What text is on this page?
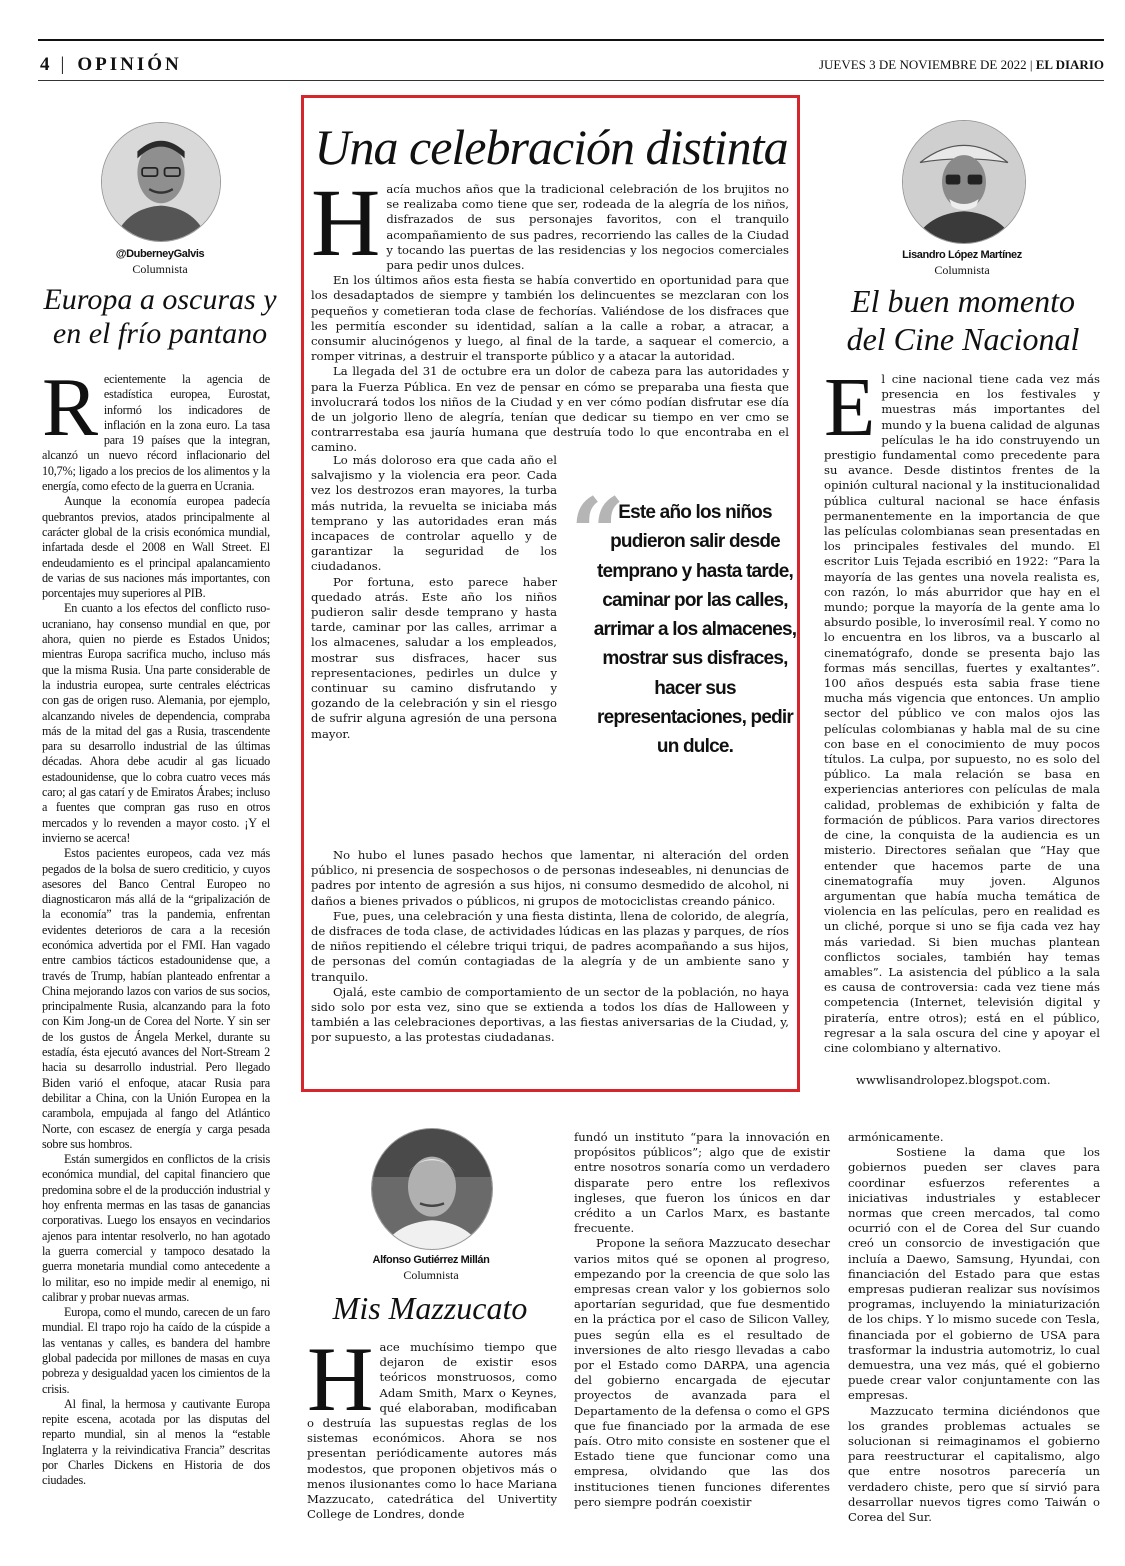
4 | OPINIÓN	JUEVES 3 DE NOVIEMBRE DE 2022 | EL DIARIO
@DuberneyGalvis
Columnista
Europa a oscuras y en el frío pantano
R ecientemente la agencia de estadística europea, Eurostat, informó los indicadores de inflación en la zona euro. La tasa para 19 países que la integran, alcanzó un nuevo récord inflacionario del 10,7%; ligado a los precios de los alimentos y la energía, como efecto de la guerra en Ucrania.

Aunque la economía europea padecía quebrantos previos, atados principalmente al carácter global de la crisis económica mundial, infartada desde el 2008 en Wall Street. El endeudamiento es el principal apalancamiento de varias de sus naciones más importantes, con porcentajes muy superiores al PIB.

En cuanto a los efectos del conflicto ruso-ucraniano, hay consenso mundial en que, por ahora, quien no pierde es Estados Unidos; mientras Europa sacrifica mucho, incluso más que la misma Rusia. Una parte considerable de la industria europea, surte centrales eléctricas con gas de origen ruso. Alemania, por ejemplo, alcanzando niveles de dependencia, compraba más de la mitad del gas a Rusia, trascendente para su desarrollo industrial de las últimas décadas. Ahora debe acudir al gas licuado estadounidense, que lo cobra cuatro veces más caro; al gas catarí y de Emiratos Árabes; incluso a fuentes que compran gas ruso en otros mercados y lo revenden a mayor costo. ¡Y el invierno se acerca!

Estos pacientes europeos, cada vez más pegados de la bolsa de suero crediticio, y cuyos asesores del Banco Central Europeo no diagnosticaron más allá de la “gripalización de la economía” tras la pandemia, enfrentan evidentes deterioros de cara a la recesión económica advertida por el FMI. Han vagado entre cambios tácticos estadounidense que, a través de Trump, habían planteado enfrentar a China mejorando lazos con varios de sus socios, principalmente Rusia, alcanzando para la foto con Kim Jong-un de Corea del Norte. Y sin ser de los gustos de Ángela Merkel, durante su estadía, ésta ejecutó avances del Nort-Stream 2 hacia su desarrollo industrial. Pero llegado Biden varió el enfoque, atacar Rusia para debilitar a China, con la Unión Europea en la carambola, empujada al fango del Atlántico Norte, con escasez de energía y carga pesada sobre sus hombros.

Están sumergidos en conflictos de la crisis económica mundial, del capital financiero que predomina sobre el de la producción industrial y hoy enfrenta mermas en las tasas de ganancias corporativas. Luego los ensayos en vecindarios ajenos para intentar resolverlo, no han agotado la guerra comercial y tampoco desatado la guerra monetaria mundial como antecedente a lo militar, eso no impide medir al enemigo, ni calibrar y probar nuevas armas.

Europa, como el mundo, carecen de un faro mundial. El trapo rojo ha caído de la cúspide a las ventanas y calles, es bandera del hambre global padecida por millones de masas en cuya pobreza y desigualdad yacen los cimientos de la crisis.

Al final, la hermosa y cautivante Europa repite escena, acotada por las disputas del reparto mundial, sin al menos la “estable Inglaterra y la reivindicativa Francia” descritas por Charles Dickens en Historia de dos ciudades.

Una celebración distinta
H acía muchos años que la tradicional celebración de los brujitos no se realizaba como tiene que ser, rodeada de la alegría de los niños, disfrazados de sus personajes favoritos, con el tranquilo acompañamiento de sus padres, recorriendo las calles de la Ciudad y tocando las puertas de las residencias y los negocios comerciales para pedir unos dulces.

En los últimos años esta fiesta se había convertido en oportunidad para que los desadaptados de siempre y también los delincuentes se mezclaran con los pequeños y cometieran toda clase de fechorías. Valiéndose de los disfraces que les permitía esconder su identidad, salían a la calle a robar, a atracar, a consumir alucinógenos y luego, al final de la tarde, a saquear el comercio, a romper vitrinas, a destruir el transporte público y a atacar la autoridad.

La llegada del 31 de octubre era un dolor de cabeza para las autoridades y para la Fuerza Pública. En vez de pensar en cómo se preparaba una fiesta que involucrará todos los niños de la Ciudad y en ver cómo podían disfrutar ese día de un jolgorio lleno de alegría, tenían que dedicar su tiempo en ver cmo se contrarrestaba esa jauría humana que destruía todo lo que encontraba en el camino.

Lo más doloroso era que cada año el salvajismo y la violencia era peor. Cada vez los destrozos eran mayores, la turba más nutrida, la revuelta se iniciaba más temprano y las autoridades eran más incapaces de controlar aquello y de garantizar la seguridad de los ciudadanos.

Por fortuna, esto parece haber quedado atrás. Este año los niños pudieron salir desde temprano y hasta tarde, caminar por las calles, arrimar a los almacenes, saludar a los empleados, mostrar sus disfraces, hacer sus representaciones, pedirles un dulce y continuar su camino disfrutando y gozando de la celebración y sin el riesgo de sufrir alguna agresión de una persona mayor.

No hubo el lunes pasado hechos que lamentar, ni alteración del orden público, ni presencia de sospechosos o de personas indeseables, ni denuncias de padres por intento de agresión a sus hijos, ni consumo desmedido de alcohol, ni daños a bienes privados o públicos, ni grupos de motociclistas creando pánico.

Fue, pues, una celebración y una fiesta distinta, llena de colorido, de alegría, de disfraces de toda clase, de actividades lúdicas en las plazas y parques, de ríos de niños repitiendo el célebre triqui triqui, de padres acompañando a sus hijos, de personas del común contagiadas de la alegría y de un ambiente sano y tranquilo.

Ojalá, este cambio de comportamiento de un sector de la población, no haya sido solo por esta vez, sino que se extienda a todos los días de Halloween y también a las celebraciones deportivas, a las fiestas aniversarias de la Ciudad, y, por supuesto, a las protestas ciudadanas.

“
Este año los niños pudieron salir desde temprano y hasta tarde, caminar por las calles, arrimar a los almacenes, mostrar sus disfraces, hacer sus representaciones, pedir un dulce.
Lisandro López Martínez
Columnista
El buen momento del Cine Nacional
E l cine nacional tiene cada vez más presencia en los festivales y muestras más importantes del mundo y la buena calidad de algunas películas le ha ido construyendo un prestigio fundamental como precedente para su avance. Desde distintos frentes de la opinión cultural nacional y la institucionalidad pública cultural nacional se hace énfasis permanentemente en la importancia de que las películas colombianas sean presentadas en los principales festivales del mundo. El escritor Luis Tejada escribió en 1922: “Para la mayoría de las gentes una novela realista es, con razón, lo más aburridor que hay en el mundo; porque la mayoría de la gente ama lo absurdo posible, lo inverosímil real. Y como no lo encuentra en los libros, va a buscarlo al cinematógrafo, donde se presenta bajo las formas más sencillas, fuertes y exaltantes”. 100 años después esta sabia frase tiene mucha más vigencia que entonces. Un amplio sector del público ve con malos ojos las películas colombianas y habla mal de su cine con base en el conocimiento de muy pocos títulos. La culpa, por supuesto, no es solo del público. La mala relación se basa en experiencias anteriores con películas de mala calidad, problemas de exhibición y falta de formación de públicos. Para varios directores de cine, la conquista de la audiencia es un misterio. Directores señalan que “Hay que entender que hacemos parte de una cinematografía muy joven. Algunos argumentan que había mucha temática de violencia en las películas, pero en realidad es un cliché, porque si uno se fija cada vez hay más variedad. Si bien muchas plantean conflictos sociales, también hay temas amables”. La asistencia del público a la sala es causa de controversia: cada vez tiene más competencia (Internet, televisión digital y piratería, entre otros); está en el público, regresar a la sala oscura del cine y apoyar el cine colombiano y alternativo.

wwwlisandrolopez.blogspot.com.
Alfonso Gutiérrez Millán
Columnista
Mis Mazzucato
H ace muchísimo tiempo que dejaron de existir esos teóricos monstruosos, como Adam Smith, Marx o Keynes, qué elaboraban, modificaban o destruía las supuestas reglas de los sistemas económicos. Ahora se nos presentan periódicamente autores más modestos, que proponen objetivos más o menos ilusionantes como lo hace Mariana Mazzucato, catedrática del Univertity College de Londres, donde

fundó un instituto “para la innovación en propósitos públicos”; algo que de existir entre nosotros sonaría como un verdadero disparate pero entre los reflexivos ingleses, que fueron los únicos en dar crédito a un Carlos Marx, es bastante frecuente.

Propone la señora Mazzucato desechar varios mitos qué se oponen al progreso, empezando por la creencia de que solo las empresas crean valor y los gobiernos solo aportarían seguridad, que fue desmentido en la práctica por el caso de Silicon Valley, pues según ella es el resultado de inversiones de alto riesgo llevadas a cabo por el Estado como DARPA, una agencia del gobierno encargada de ejecutar proyectos de avanzada para el Departamento de la defensa o como el GPS que fue financiado por la armada de ese país. Otro mito consiste en sostener que el Estado tiene que funcionar como una empresa, olvidando que las dos instituciones tienen funciones diferentes pero siempre podrán coexistir

armónicamente.

Sostiene la dama que los gobiernos pueden ser claves para coordinar esfuerzos referentes a iniciativas industriales y establecer normas que creen mercados, tal como ocurrió con el de Corea del Sur cuando creó un consorcio de investigación que incluía a Daewo, Samsung, Hyundai, con financiación del Estado para que estas empresas pudieran realizar sus novísimos programas, incluyendo la miniaturización de los chips. Y lo mismo sucede con Tesla, financiada por el gobierno de USA para trasformar la industria automotriz, lo cual demuestra, una vez más, qué el gobierno puede crear valor conjuntamente con las empresas.

Mazzucato termina diciéndonos que los grandes problemas actuales se solucionan si reimaginamos el gobierno para reestructurar el capitalismo, algo que entre nosotros parecería un verdadero chiste, pero que sí sirvió para desarrollar nuevos tigres como Taiwán o Corea del Sur.
